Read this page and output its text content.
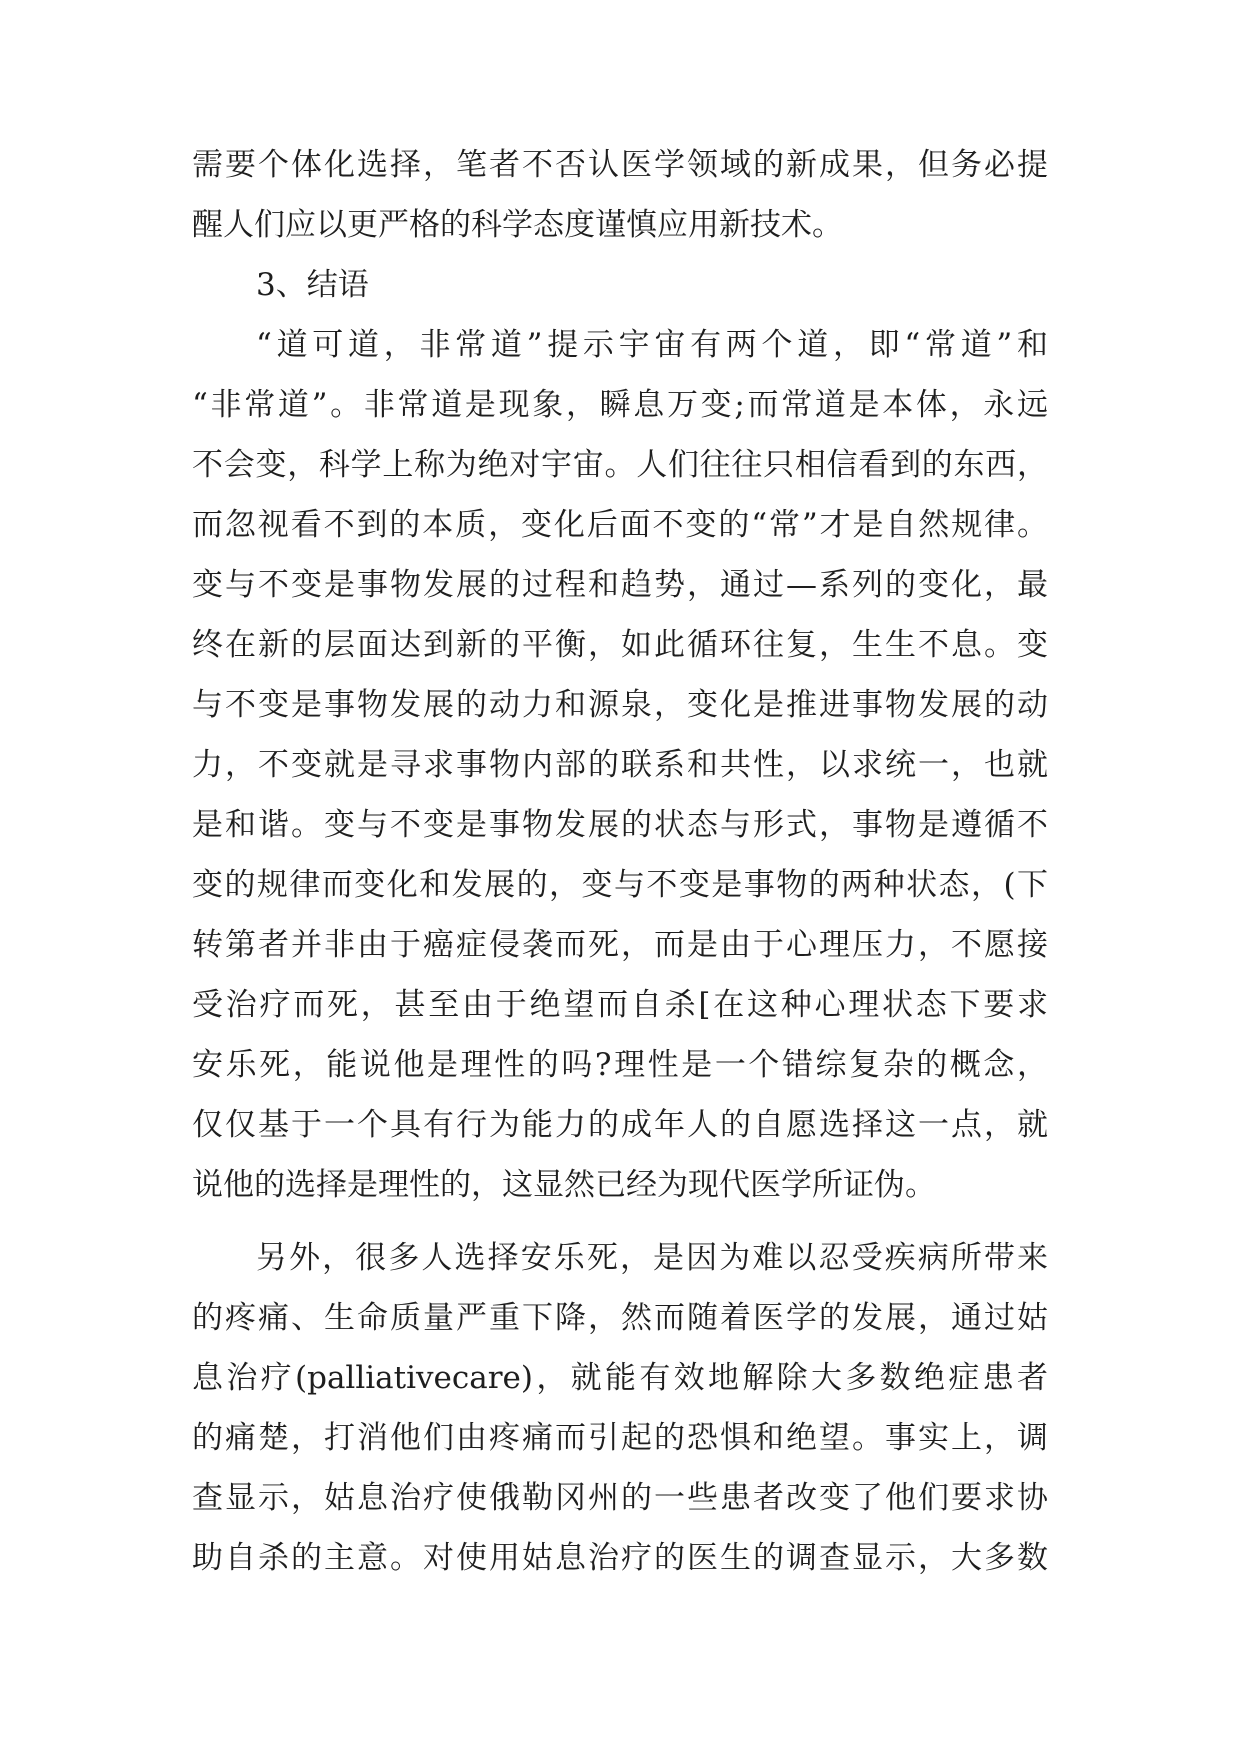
需要个体化选择，笔者不否认医学领域的新成果，但务必提
醒人们应以更严格的科学态度谨慎应用新技术。
3、结语
“道可道，非常道”提示宇宙有两个道，即“常道”和
“非常道”。非常道是现象，瞬息万变;而常道是本体，永远
不会变，科学上称为绝对宇宙。人们往往只相信看到的东西，
而忽视看不到的本质，变化后面不变的“常”才是自然规律。
变与不变是事物发展的过程和趋势，通过—系列的变化，最
终在新的层面达到新的平衡，如此循环往复，生生不息。变
与不变是事物发展的动力和源泉，变化是推进事物发展的动
力，不变就是寻求事物内部的联系和共性，以求统一，也就
是和谐。变与不变是事物发展的状态与形式，事物是遵循不
变的规律而变化和发展的，变与不变是事物的两种状态，(下
转第者并非由于癌症侵袭而死，而是由于心理压力，不愿接
受治疗而死，甚至由于绝望而自杀[在这种心理状态下要求
安乐死，能说他是理性的吗?理性是一个错综复杂的概念，
仅仅基于一个具有行为能力的成年人的自愿选择这一点，就
说他的选择是理性的，这显然已经为现代医学所证伪。
另外，很多人选择安乐死，是因为难以忍受疾病所带来
的疼痛、生命质量严重下降，然而随着医学的发展，通过姑
息治疗(palliativecare)，就能有效地解除大多数绝症患者
的痛楚，打消他们由疼痛而引起的恐惧和绝望。事实上，调
查显示，姑息治疗使俄勒冈州的一些患者改变了他们要求协
助自杀的主意。对使用姑息治疗的医生的调查显示，大多数
